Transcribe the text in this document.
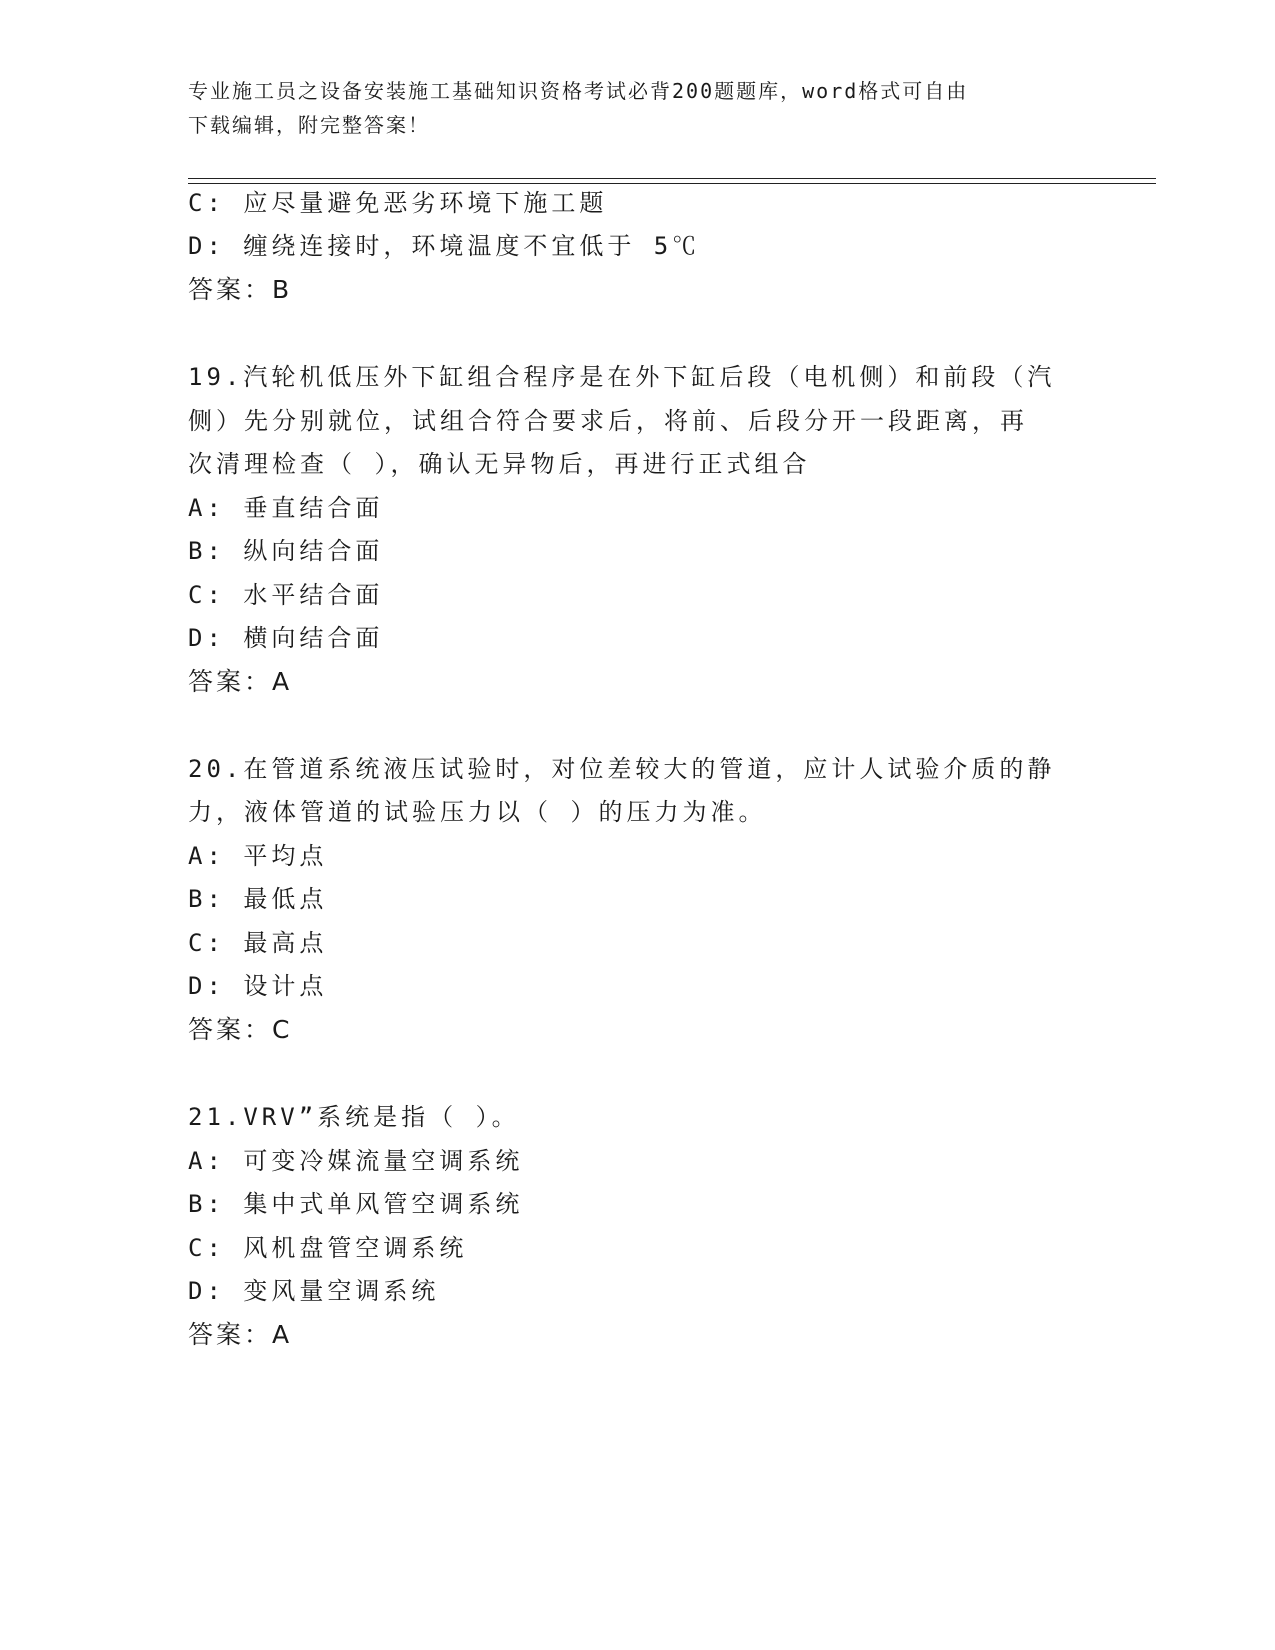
专业施工员之设备安装施工基础知识资格考试必背200题题库，word格式可自由
下载编辑，附完整答案！
C: 应尽量避免恶劣环境下施工题
D: 缠绕连接时，环境温度不宜低于 5℃
答案：B
19.汽轮机低压外下缸组合程序是在外下缸后段（电机侧）和前段（汽
侧）先分别就位，试组合符合要求后，将前、后段分开一段距离，再
次清理检查（ ），确认无异物后，再进行正式组合
A: 垂直结合面
B: 纵向结合面
C: 水平结合面
D: 横向结合面
答案：A
20.在管道系统液压试验时，对位差较大的管道，应计人试验介质的静
力，液体管道的试验压力以（ ）的压力为准。
A: 平均点
B: 最低点
C: 最高点
D: 设计点
答案：C
21.VRV”系统是指（ ）。
A: 可变冷媒流量空调系统
B: 集中式单风管空调系统
C: 风机盘管空调系统
D: 变风量空调系统
答案：A
